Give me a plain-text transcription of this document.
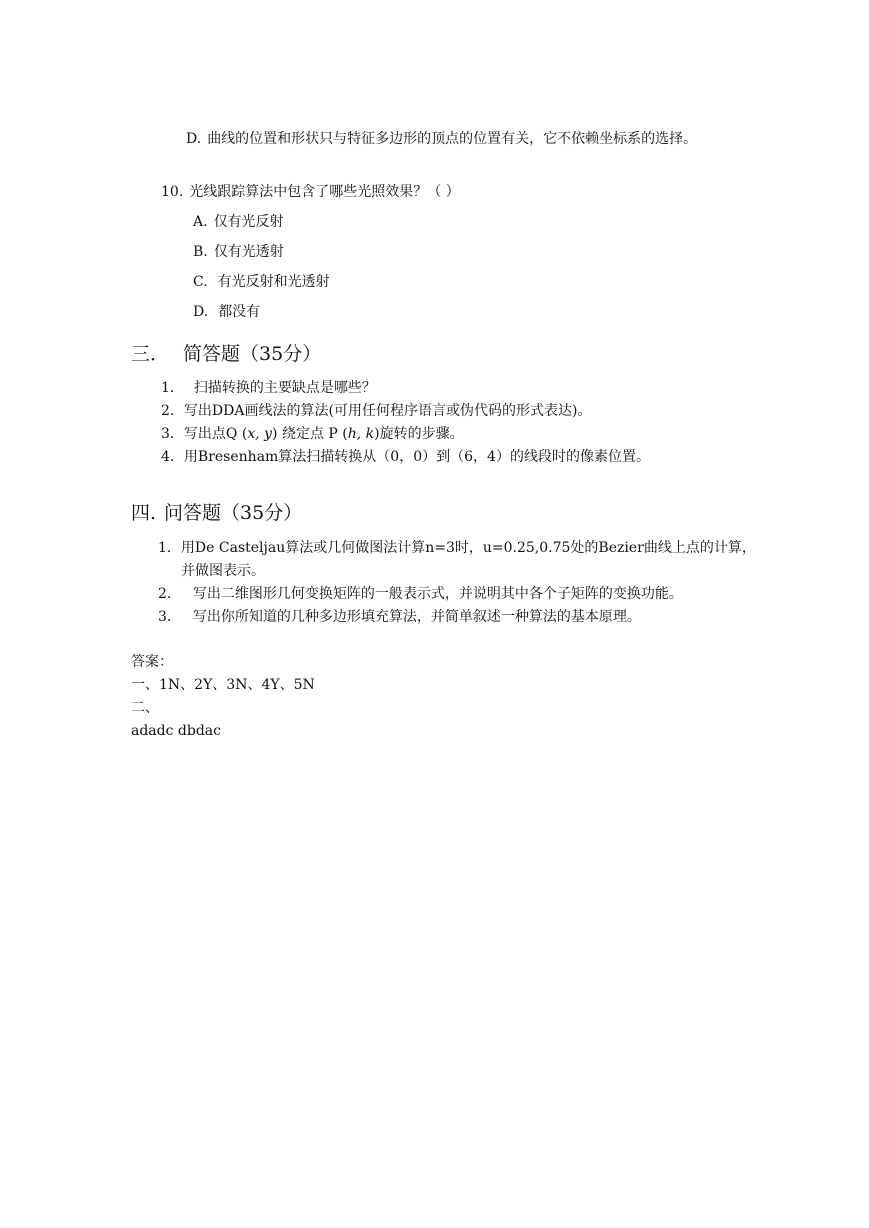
D. 曲线的位置和形状只与特征多边形的顶点的位置有关，它不依赖坐标系的选择。
10. 光线跟踪算法中包含了哪些光照效果？（ ）
A. 仅有光反射
B. 仅有光透射
C. 有光反射和光透射
D. 都没有
三． 简答题（35分）
1． 扫描转换的主要缺点是哪些？
2．写出DDA画线法的算法(可用任何程序语言或伪代码的形式表达)。
3．写出点Q (x, y) 绕定点 P (h, k)旋转的步骤。
4．用Bresenham算法扫描转换从（0，0）到（6，4）的线段时的像素位置。
四. 问答题（35分）
1．用De Casteljau算法或几何做图法计算n=3时，u=0.25,0.75处的Bezier曲线上点的计算，
并做图表示。
2． 写出二维图形几何变换矩阵的一般表示式，并说明其中各个子矩阵的变换功能。
3． 写出你所知道的几种多边形填充算法，并简单叙述一种算法的基本原理。
答案：
一、1N、2Y、3N、4Y、5N
二、
adadc dbdac
